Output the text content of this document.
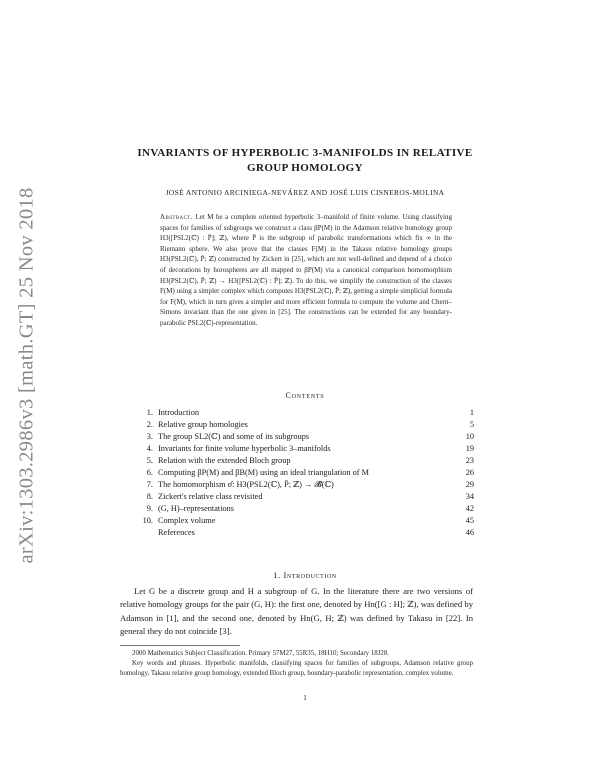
arXiv:1303.2986v3 [math.GT] 25 Nov 2018
INVARIANTS OF HYPERBOLIC 3-MANIFOLDS IN RELATIVE
GROUP HOMOLOGY
JOSÉ ANTONIO ARCINIEGA-NEVÁREZ AND JOSÉ LUIS CISNEROS-MOLINA
Abstract. Let M be a complete oriented hyperbolic 3–manifold of finite volume. Using classifying spaces for families of subgroups we construct a class βP(M) in the Adamson relative homology group H3([PSL2(ℂ) : P̄]; ℤ), where P̄ is the subgroup of parabolic transformations which fix ∞ in the Riemann sphere. We also prove that the classes F(M) in the Takasu relative homology groups H3(PSL2(ℂ), P̄; ℤ) constructed by Zickert in [25], which are not well-defined and depend of a choice of decorations by horospheres are all mapped to βP(M) via a canonical comparison homomorphism H3(PSL2(ℂ), P̄; ℤ) → H3([PSL2(ℂ) : P̄]; ℤ). To do this, we simplify the construction of the classes F(M) using a simpler complex which computes H3(PSL2(ℂ), P̄; ℤ), getting a simple simplicial formula for F(M), which in turn gives a simpler and more efficient formula to compute the volume and Chern–Simons invariant than the one given in [25]. The constructions can be extended for any boundary-parabolic PSL2(ℂ)-representation.
Contents
1. Introduction	1
2. Relative group homologies	5
3. The group SL2(ℂ) and some of its subgroups	10
4. Invariants for finite volume hyperbolic 3–manifolds	19
5. Relation with the extended Bloch group	23
6. Computing βP(M) and βB(M) using an ideal triangulation of M	26
7. The homomorphism σ̂: H3(PSL2(ℂ), P̄; ℤ) → 𝓑̂(ℂ)	29
8. Zickert's relative class revisited	34
9. (G, H)–representations	42
10. Complex volume	45
References	46
1. Introduction
Let G be a discrete group and H a subgroup of G. In the literature there are two versions of relative homology groups for the pair (G, H): the first one, denoted by Hn([G : H]; ℤ), was defined by Adamson in [1], and the second one, denoted by Hn(G, H; ℤ) was defined by Takasu in [22]. In general they do not coincide [3].
2000 Mathematics Subject Classification. Primary 57M27, 55R35, 18H10; Secondary 18J28.
Key words and phrases. Hyperbolic manifolds, classifying spaces for families of subgroups, Adamson relative group homology, Takasu relative group homology, extended Bloch group, boundary-parabolic representation, complex volume.
1
